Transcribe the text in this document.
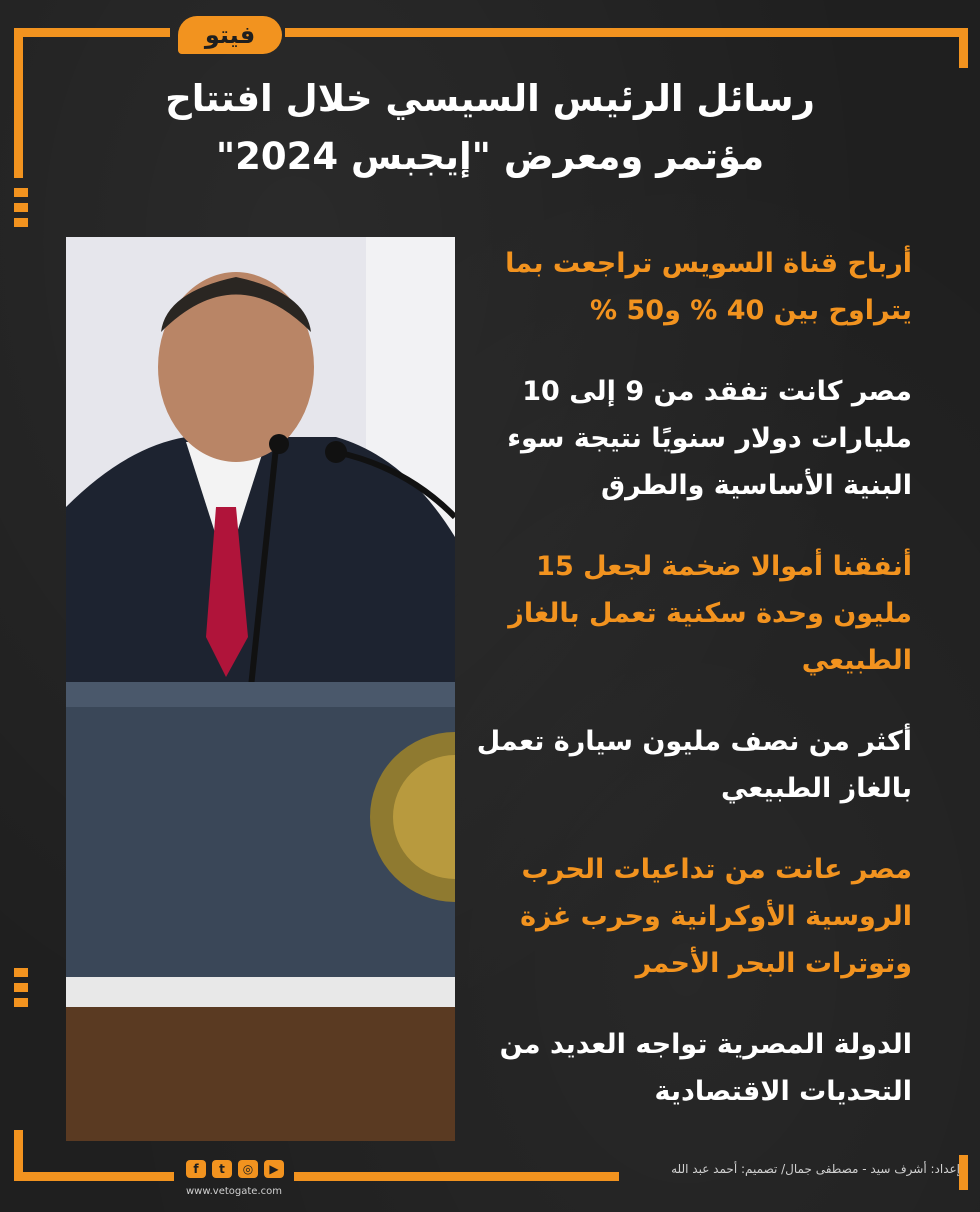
فيتو
رسائل الرئيس السيسي خلال افتتاح
مؤتمر ومعرض "إيجبس 2024"
أرباح قناة السويس تراجعت بما يتراوح بين 40 % و50 %
مصر كانت تفقد من 9 إلى 10 مليارات دولار سنويًا نتيجة سوء البنية الأساسية والطرق
أنفقنا أموالا ضخمة لجعل 15 مليون وحدة سكنية تعمل بالغاز الطبيعي
أكثر من نصف مليون سيارة تعمل بالغاز الطبيعي
مصر عانت من تداعيات الحرب الروسية الأوكرانية وحرب غزة وتوترات البحر الأحمر
الدولة المصرية تواجه العديد من التحديات الاقتصادية
إعداد: أشرف سيد - مصطفى جمال/ تصميم: أحمد عبد الله
f	t	◎	▶
www.vetogate.com
